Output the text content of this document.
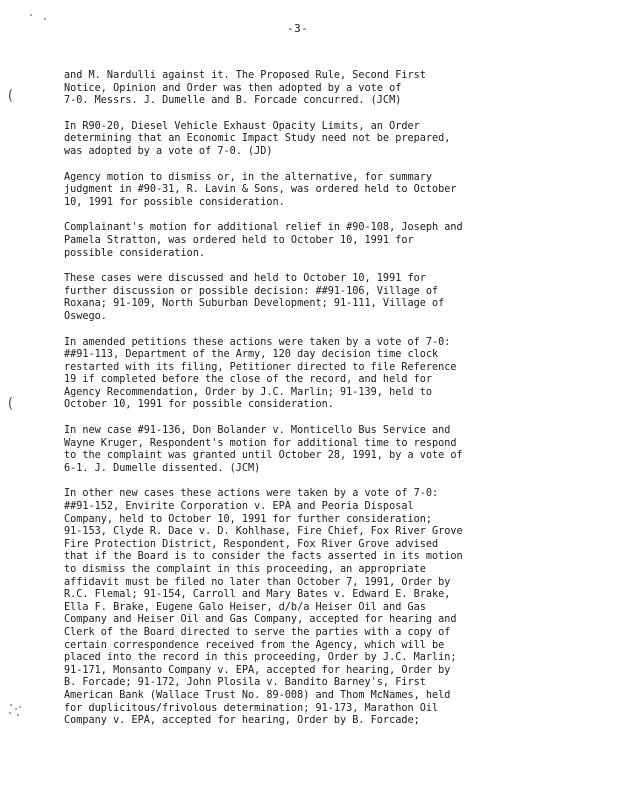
-3-

and M. Nardulli against it. The Proposed Rule, Second First
Notice, Opinion and Order was then adopted by a vote of
7-0. Messrs. J. Dumelle and B. Forcade concurred. (JCM)

In R90-20, Diesel Vehicle Exhaust Opacity Limits, an Order
determining that an Economic Impact Study need not be prepared,
was adopted by a vote of 7-0. (JD)

Agency motion to dismiss or, in the alternative, for summary
judgment in #90-31, R. Lavin & Sons, was ordered held to October
10, 1991 for possible consideration.

Complainant's motion for additional relief in #90-108, Joseph and
Pamela Stratton, was ordered held to October 10, 1991 for
possible consideration.

These cases were discussed and held to October 10, 1991 for
further discussion or possible decision: ##91-106, Village of
Roxana; 91-109, North Suburban Development; 91-111, Village of
Oswego.

In amended petitions these actions were taken by a vote of 7-0:
##91-113, Department of the Army, 120 day decision time clock
restarted with its filing, Petitioner directed to file Reference
19 if completed before the close of the record, and held for
Agency Recommendation, Order by J.C. Marlin; 91-139, held to
October 10, 1991 for possible consideration.

In new case #91-136, Don Bolander v. Monticello Bus Service and
Wayne Kruger, Respondent's motion for additional time to respond
to the complaint was granted until October 28, 1991, by a vote of
6-1. J. Dumelle dissented. (JCM)

In other new cases these actions were taken by a vote of 7-0:
##91-152, Envirite Corporation v. EPA and Peoria Disposal
Company, held to October 10, 1991 for further consideration;
91-153, Clyde R. Dace v. D. Kohlhase, Fire Chief, Fox River Grove
Fire Protection District, Respondent, Fox River Grove advised
that if the Board is to consider the facts asserted in its motion
to dismiss the complaint in this proceeding, an appropriate
affidavit must be filed no later than October 7, 1991, Order by
R.C. Flemal; 91-154, Carroll and Mary Bates v. Edward E. Brake,
Ella F. Brake, Eugene Galo Heiser, d/b/a Heiser Oil and Gas
Company and Heiser Oil and Gas Company, accepted for hearing and
Clerk of the Board directed to serve the parties with a copy of
certain correspondence received from the Agency, which will be
placed into the record in this proceeding, Order by J.C. Marlin;
91-171, Monsanto Company v. EPA, accepted for hearing, Order by
B. Forcade; 91-172, John Plosila v. Bandito Barney's, First
American Bank (Wallace Trust No. 89-008) and Thom McNames, held
for duplicitous/frivolous determination; 91-173, Marathon Oil
Company v. EPA, accepted for hearing, Order by B. Forcade;

(
(
